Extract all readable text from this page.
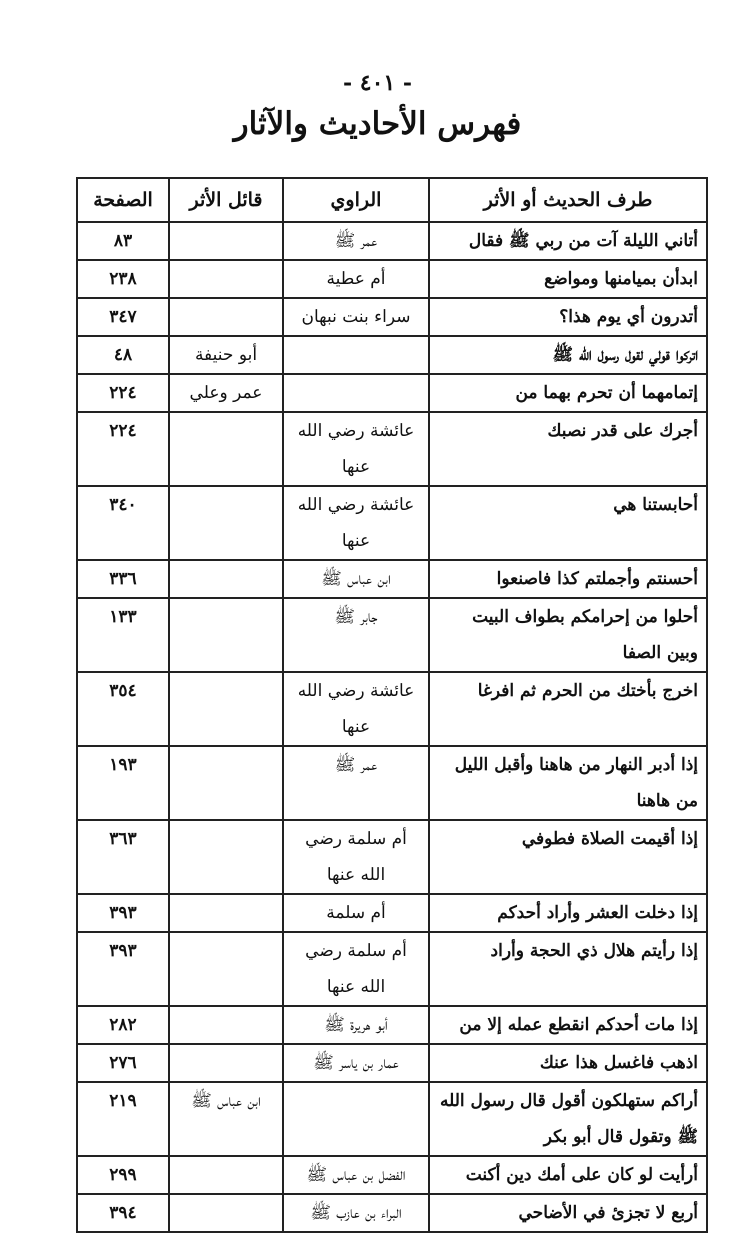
- ٤٠١ -
فهرس الأحاديث والآثار
طرف الحديث أو الأثر	الراوي	قائل الأثر	الصفحة
أتاني الليلة آت من ربي ﷺ فقال	عمر ﷺ		٨٣
ابدأن بميامنها ومواضع	أم عطية		٢٣٨
أتدرون أي يوم هذا؟	سراء بنت نبهان		٣٤٧
اتركوا قولي لقول رسول الله ﷺ		أبو حنيفة	٤٨
إتمامهما أن تحرم بهما من		عمر وعلي	٢٢٤
أجرك على قدر نصبك	عائشة رضي الله عنها		٢٢٤
أحابستنا هي	عائشة رضي الله عنها		٣٤٠
أحسنتم وأجملتم كذا فاصنعوا	ابن عباس ﷺ		٣٣٦
أحلوا من إحرامكم بطواف البيت وبين الصفا	جابر ﷺ		١٣٣
اخرج بأختك من الحرم ثم افرغا	عائشة رضي الله عنها		٣٥٤
إذا أدبر النهار من هاهنا وأقبل الليل من هاهنا	عمر ﷺ		١٩٣
إذا أقيمت الصلاة فطوفي	أم سلمة رضي الله عنها		٣٦٣
إذا دخلت العشر وأراد أحدكم	أم سلمة		٣٩٣
إذا رأيتم هلال ذي الحجة وأراد	أم سلمة رضي الله عنها		٣٩٣
إذا مات أحدكم انقطع عمله إلا من	أبو هريرة ﷺ		٢٨٢
اذهب فاغسل هذا عنك	عمار بن ياسر ﷺ		٢٧٦
أراكم ستهلكون أقول قال رسول الله ﷺ وتقول قال أبو بكر		ابن عباس ﷺ	٢١٩
أرأيت لو كان على أمك دين أكنت	الفضل بن عباس ﷺ		٢٩٩
أربع لا تجزئ في الأضاحي	البراء بن عازب ﷺ		٣٩٤
